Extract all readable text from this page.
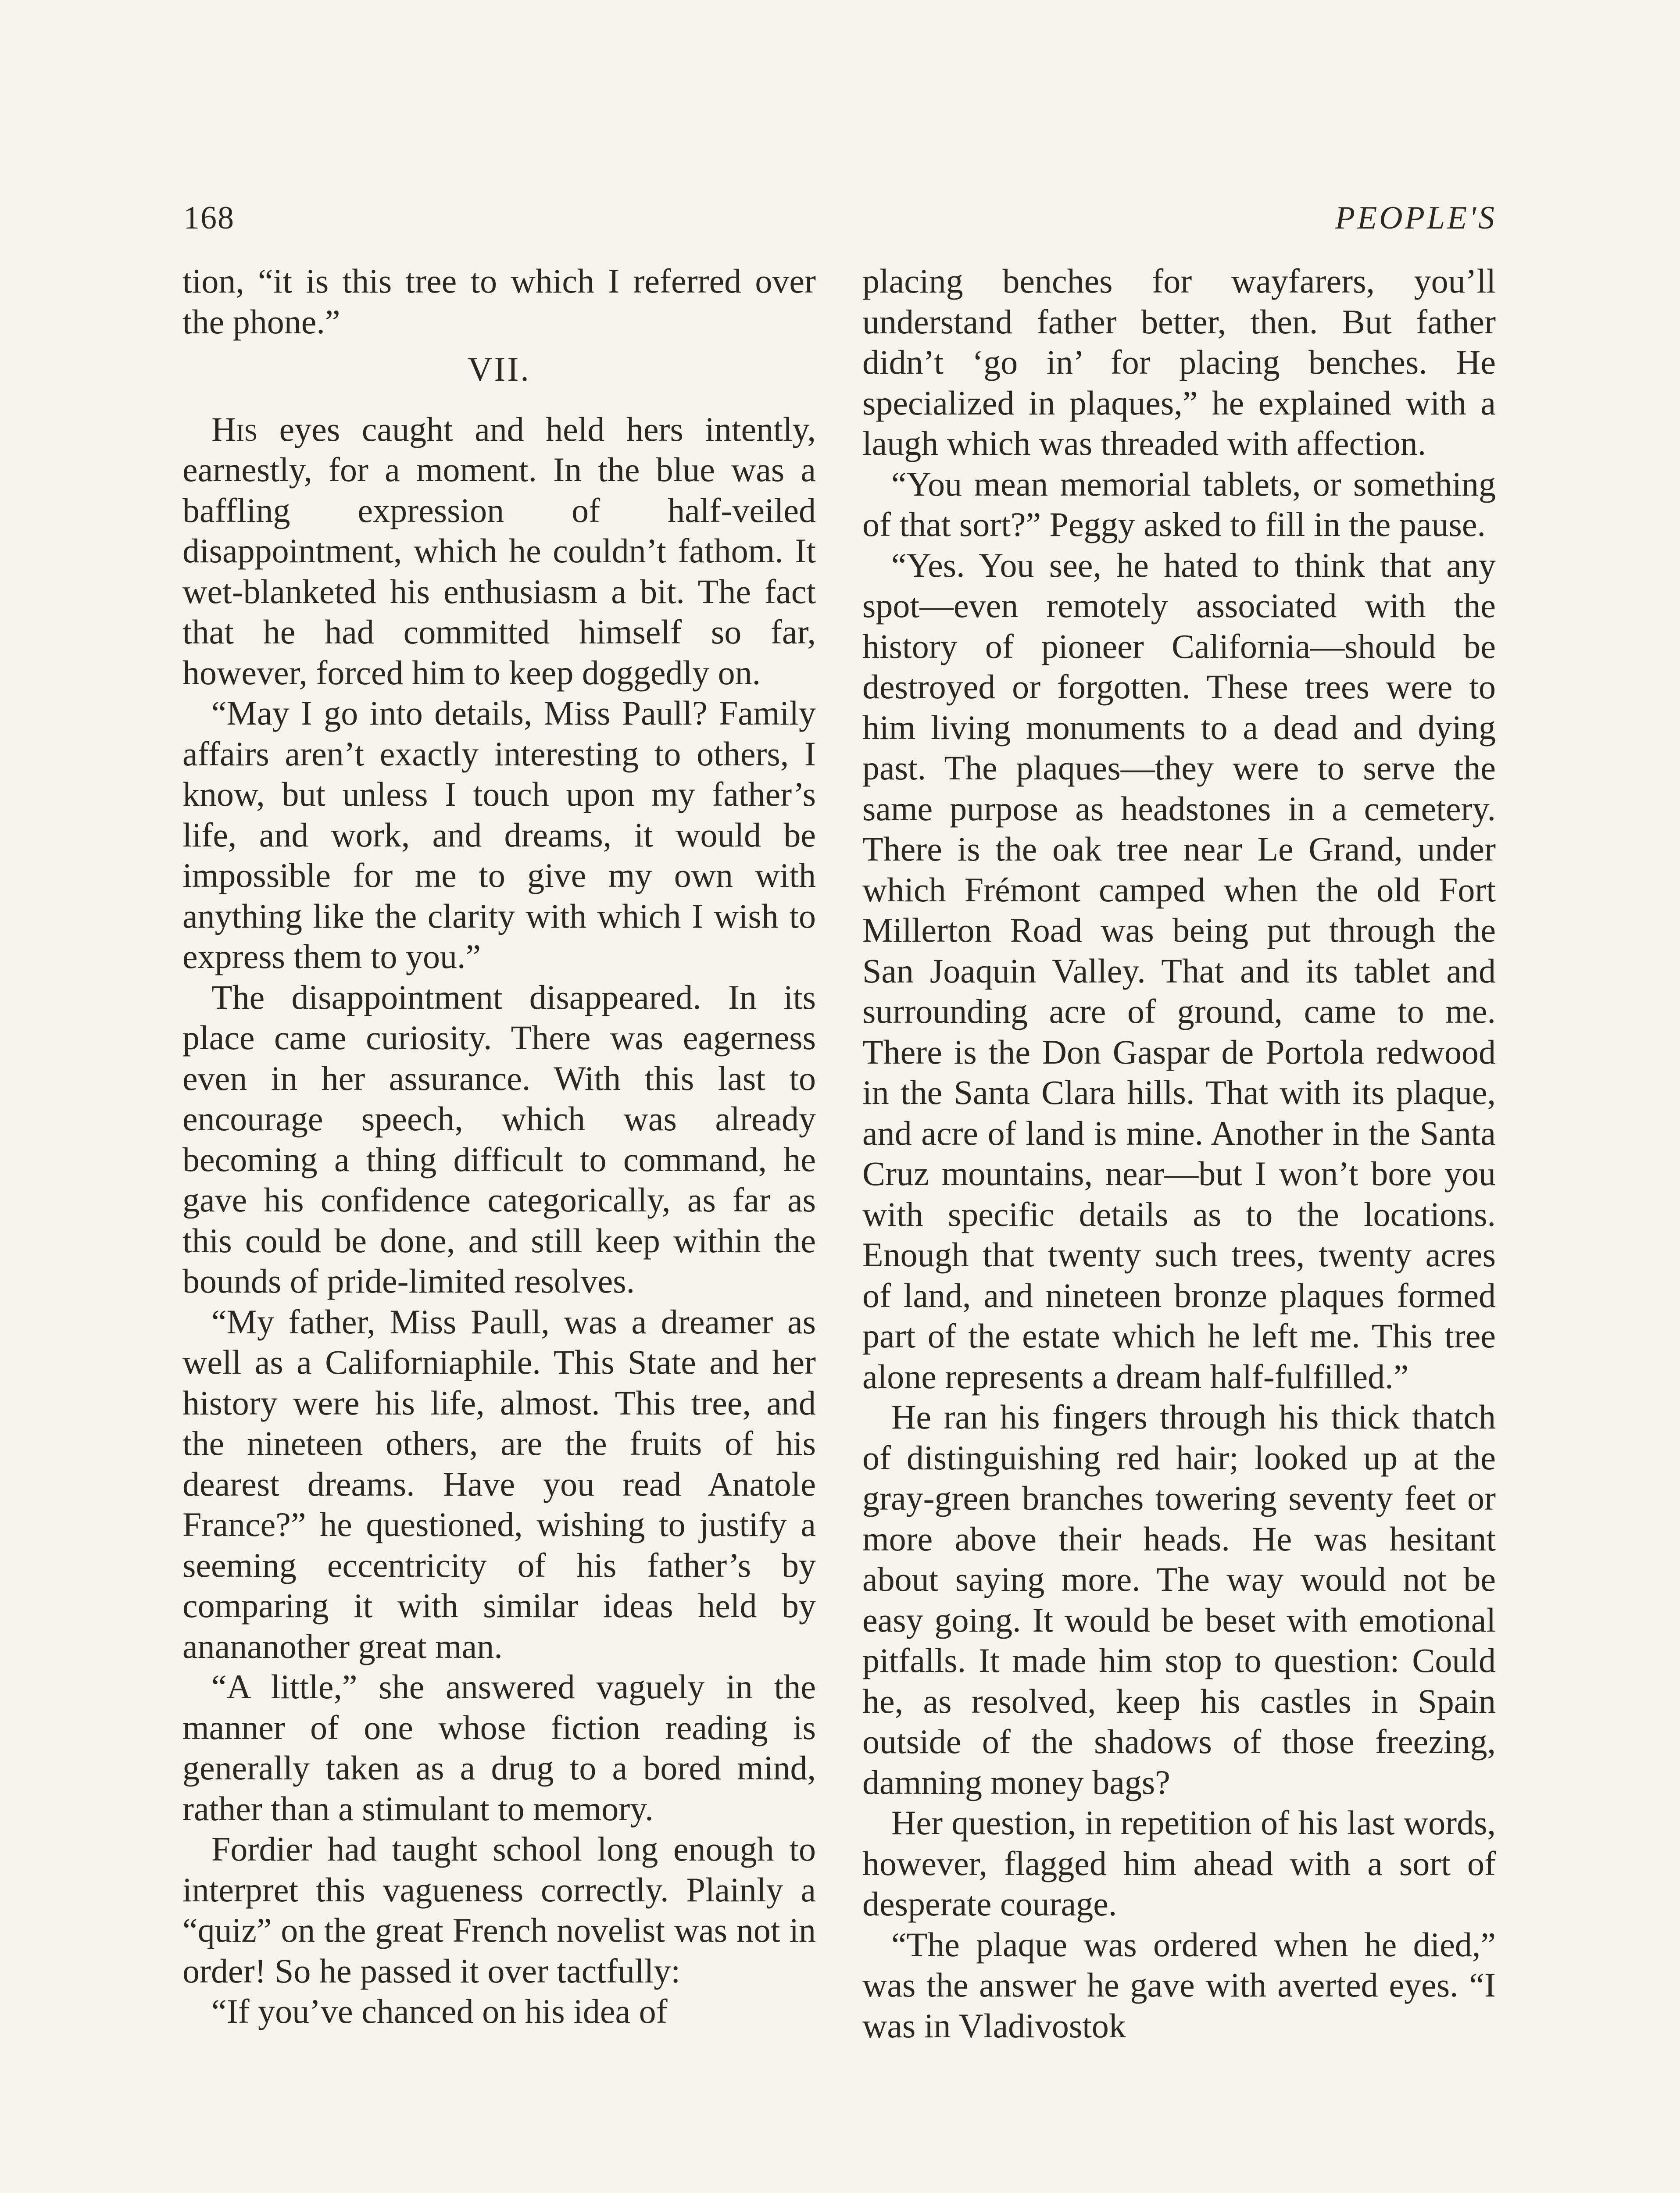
168	PEOPLE'S

tion, “it is this tree to which I referred over the phone.”

VII.

His eyes caught and held hers intently, earnestly, for a moment. In the blue was a baffling expression of half-veiled disappointment, which he couldn’t fathom. It wet-blanketed his enthusiasm a bit. The fact that he had committed himself so far, however, forced him to keep doggedly on.

“May I go into details, Miss Paull? Family affairs aren’t exactly interesting to others, I know, but unless I touch upon my father’s life, and work, and dreams, it would be impossible for me to give my own with anything like the clarity with which I wish to express them to you.”

The disappointment disappeared. In its place came curiosity. There was eagerness even in her assurance. With this last to encourage speech, which was already becoming a thing difficult to command, he gave his confidence categorically, as far as this could be done, and still keep within the bounds of pride-limited resolves.

“My father, Miss Paull, was a dreamer as well as a Californiaphile. This State and her history were his life, almost. This tree, and the nineteen others, are the fruits of his dearest dreams. Have you read Anatole France?” he questioned, wishing to justify a seeming eccentricity of his father’s by comparing it with similar ideas held by anananother great man.

“A little,” she answered vaguely in the manner of one whose fiction reading is generally taken as a drug to a bored mind, rather than a stimulant to memory.

Fordier had taught school long enough to interpret this vagueness correctly. Plainly a “quiz” on the great French novelist was not in order! So he passed it over tactfully:

“If you’ve chanced on his idea of

placing benches for wayfarers, you’ll understand father better, then. But father didn’t ‘go in’ for placing benches. He specialized in plaques,” he explained with a laugh which was threaded with affection.

“You mean memorial tablets, or something of that sort?” Peggy asked to fill in the pause.

“Yes. You see, he hated to think that any spot—even remotely associated with the history of pioneer California—should be destroyed or forgotten. These trees were to him living monuments to a dead and dying past. The plaques—they were to serve the same purpose as headstones in a cemetery. There is the oak tree near Le Grand, under which Frémont camped when the old Fort Millerton Road was being put through the San Joaquin Valley. That and its tablet and surrounding acre of ground, came to me. There is the Don Gaspar de Portola redwood in the Santa Clara hills. That with its plaque, and acre of land is mine. Another in the Santa Cruz mountains, near—but I won’t bore you with specific details as to the locations. Enough that twenty such trees, twenty acres of land, and nineteen bronze plaques formed part of the estate which he left me. This tree alone represents a dream half-fulfilled.”

He ran his fingers through his thick thatch of distinguishing red hair; looked up at the gray-green branches towering seventy feet or more above their heads. He was hesitant about saying more. The way would not be easy going. It would be beset with emotional pitfalls. It made him stop to question: Could he, as resolved, keep his castles in Spain outside of the shadows of those freezing, damning money bags?

Her question, in repetition of his last words, however, flagged him ahead with a sort of desperate courage.

“The plaque was ordered when he died,” was the answer he gave with averted eyes. “I was in Vladivostok
